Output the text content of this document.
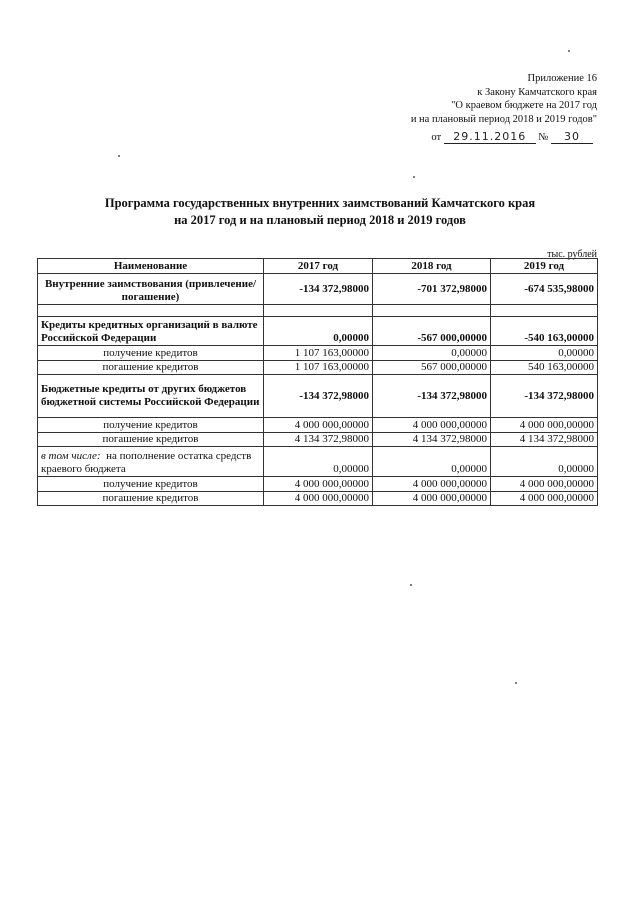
Приложение 16
к Закону Камчатского края
"О краевом бюджете на 2017 год
и на плановый период 2018 и 2019 годов"
от 29.11.2016 № 30
Программа государственных внутренних заимствований Камчатского края
на 2017 год и на плановый период 2018 и 2019 годов
тыс. рублей
Наименование	2017 год	2018 год	2019 год
Внутренние заимствования (привлечение/погашение)	-134 372,98000	-701 372,98000	-674 535,98000

Кредиты кредитных организаций в валюте Российской Федерации	0,00000	-567 000,00000	-540 163,00000
получение кредитов	1 107 163,00000	0,00000	0,00000
погашение кредитов	1 107 163,00000	567 000,00000	540 163,00000
Бюджетные кредиты от других бюджетов бюджетной системы Российской Федерации	-134 372,98000	-134 372,98000	-134 372,98000
получение кредитов	4 000 000,00000	4 000 000,00000	4 000 000,00000
погашение кредитов	4 134 372,98000	4 134 372,98000	4 134 372,98000
в том числе: на пополнение остатка средств краевого бюджета	0,00000	0,00000	0,00000
получение кредитов	4 000 000,00000	4 000 000,00000	4 000 000,00000
погашение кредитов	4 000 000,00000	4 000 000,00000	4 000 000,00000
